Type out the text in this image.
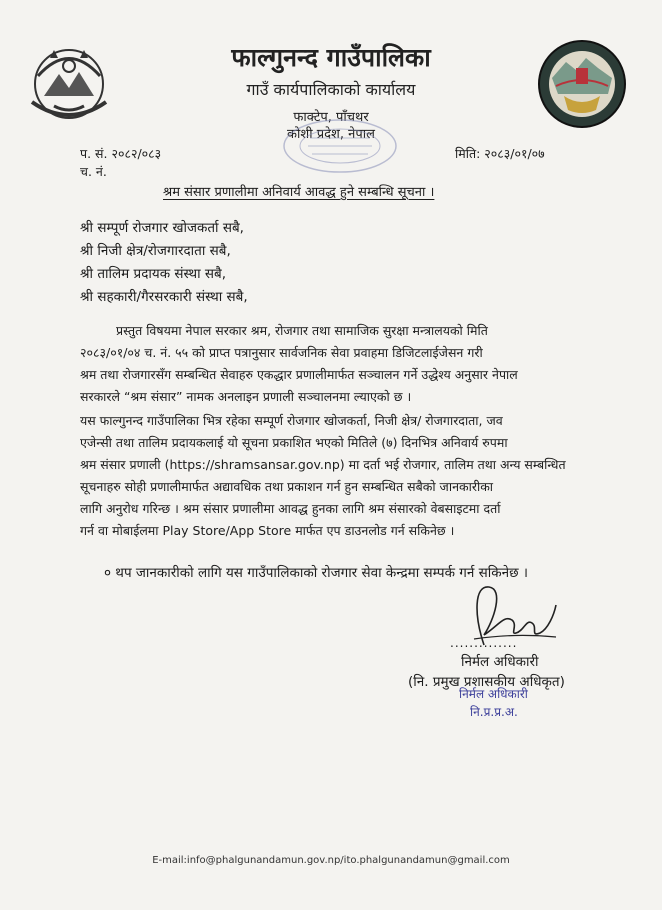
फाल्गुनन्द गाउँपालिका
गाउँ कार्यपालिकाको कार्यालय
फाक्टेप, पाँचथर
कोशी प्रदेश, नेपाल
प. सं. २०८२/०८३
च. नं.
मिति: २०८३/०१/०७
श्रम संसार प्रणालीमा अनिवार्य आवद्ध हुने सम्बन्धि सूचना ।
श्री सम्पूर्ण रोजगार खोजकर्ता सबै,
श्री निजी क्षेत्र/रोजगारदाता सबै,
श्री तालिम प्रदायक संस्था सबै,
श्री सहकारी/गैरसरकारी संस्था सबै,
प्रस्तुत विषयमा नेपाल सरकार श्रम, रोजगार तथा सामाजिक सुरक्षा मन्त्रालयको मिति
२०८३/०१/०४ च. नं. ५५ को प्राप्त पत्रानुसार सार्वजनिक सेवा प्रवाहमा डिजिटलाईजेसन गरी
श्रम तथा रोजगारसँग सम्बन्धित सेवाहरु एकद्धार प्रणालीमार्फत सञ्चालन गर्ने उद्धेश्य अनुसार नेपाल
सरकारले “श्रम संसार” नामक अनलाइन प्रणाली सञ्चालनमा ल्याएको छ ।
यस फाल्गुनन्द गाउँपालिका भित्र रहेका सम्पूर्ण रोजगार खोजकर्ता, निजी क्षेत्र/ रोजगारदाता, जव
एजेन्सी तथा तालिम प्रदायकलाई यो सूचना प्रकाशित भएको मितिले (७) दिनभित्र अनिवार्य रुपमा
श्रम संसार प्रणाली (https://shramsansar.gov.np) मा दर्ता भई रोजगार, तालिम तथा अन्य सम्बन्धित
सूचनाहरु सोही प्रणालीमार्फत अद्यावधिक तथा प्रकाशन गर्न हुन सम्बन्धित सबैको जानकारीका
लागि अनुरोध गरिन्छ । श्रम संसार प्रणालीमा आवद्ध हुनका लागि श्रम संसारको वेबसाइटमा दर्ता
गर्न वा मोबाईलमा Play Store/App Store मार्फत एप डाउनलोड गर्न सकिनेछ ।
० थप जानकारीको लागि यस गाउँपालिकाको रोजगार सेवा केन्द्रमा सम्पर्क गर्न सकिनेछ ।
..............
निर्मल अधिकारी
(नि. प्रमुख प्रशासकीय अधिकृत)
निर्मल अधिकारी
नि.प्र.प्र.अ.
E-mail:info@phalgunandamun.gov.np/ito.phalgunandamun@gmail.com
